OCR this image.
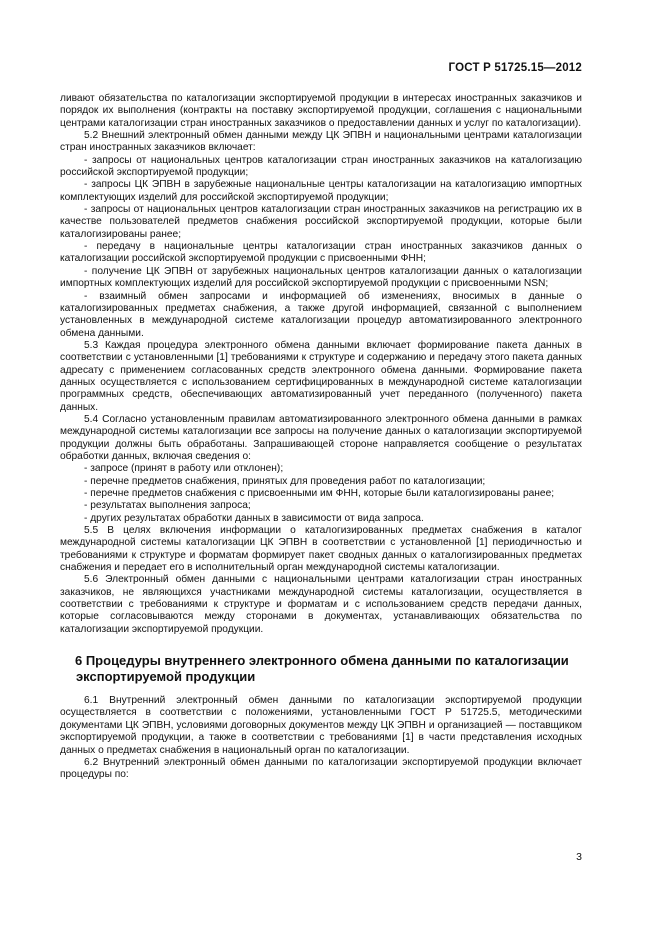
ГОСТ Р 51725.15—2012

ливают обязательства по каталогизации экспортируемой продукции в интересах иностранных заказчиков и порядок их выполнения (контракты на поставку экспортируемой продукции, соглашения с национальными центрами каталогизации стран иностранных заказчиков о предоставлении данных и услуг по каталогизации).

5.2 Внешний электронный обмен данными между ЦК ЭПВН и национальными центрами каталогизации стран иностранных заказчиков включает:

- запросы от национальных центров каталогизации стран иностранных заказчиков на каталогизацию российской экспортируемой продукции;

- запросы ЦК ЭПВН в зарубежные национальные центры каталогизации на каталогизацию импортных комплектующих изделий для российской экспортируемой продукции;

- запросы от национальных центров каталогизации стран иностранных заказчиков на регистрацию их в качестве пользователей предметов снабжения российской экспортируемой продукции, которые были каталогизированы ранее;

- передачу в национальные центры каталогизации стран иностранных заказчиков данных о каталогизации российской экспортируемой продукции с присвоенными ФНН;

- получение ЦК ЭПВН от зарубежных национальных центров каталогизации данных о каталогизации импортных комплектующих изделий для российской экспортируемой продукции с присвоенными NSN;

- взаимный обмен запросами и информацией об изменениях, вносимых в данные о каталогизированных предметах снабжения, а также другой информацией, связанной с выполнением установленных в международной системе каталогизации процедур автоматизированного электронного обмена данными.

5.3 Каждая процедура электронного обмена данными включает формирование пакета данных в соответствии с установленными [1] требованиями к структуре и содержанию и передачу этого пакета данных адресату с применением согласованных средств электронного обмена данными. Формирование пакета данных осуществляется с использованием сертифицированных в международной системе каталогизации программных средств, обеспечивающих автоматизированный учет переданного (полученного) пакета данных.

5.4 Согласно установленным правилам автоматизированного электронного обмена данными в рамках международной системы каталогизации все запросы на получение данных о каталогизации экспортируемой продукции должны быть обработаны. Запрашивающей стороне направляется сообщение о результатах обработки данных, включая сведения о:

- запросе (принят в работу или отклонен);

- перечне предметов снабжения, принятых для проведения работ по каталогизации;

- перечне предметов снабжения с присвоенными им ФНН, которые были каталогизированы ранее;

- результатах выполнения запроса;

- других результатах обработки данных в зависимости от вида запроса.

5.5 В целях включения информации о каталогизированных предметах снабжения в каталог международной системы каталогизации ЦК ЭПВН в соответствии с установленной [1] периодичностью и требованиями к структуре и форматам формирует пакет сводных данных о каталогизированных предметах снабжения и передает его в исполнительный орган международной системы каталогизации.

5.6 Электронный обмен данными с национальными центрами каталогизации стран иностранных заказчиков, не являющихся участниками международной системы каталогизации, осуществляется в соответствии с требованиями к структуре и форматам и с использованием средств передачи данных, которые согласовываются между сторонами в документах, устанавливающих обязательства по каталогизации экспортируемой продукции.

6 Процедуры внутреннего электронного обмена данными по каталогизации экспортируемой продукции

6.1 Внутренний электронный обмен данными по каталогизации экспортируемой продукции осуществляется в соответствии с положениями, установленными ГОСТ Р 51725.5, методическими документами ЦК ЭПВН, условиями договорных документов между ЦК ЭПВН и организацией — поставщиком экспортируемой продукции, а также в соответствии с требованиями [1] в части представления исходных данных о предметах снабжения в национальный орган по каталогизации.

6.2 Внутренний электронный обмен данными по каталогизации экспортируемой продукции включает процедуры по:

3
